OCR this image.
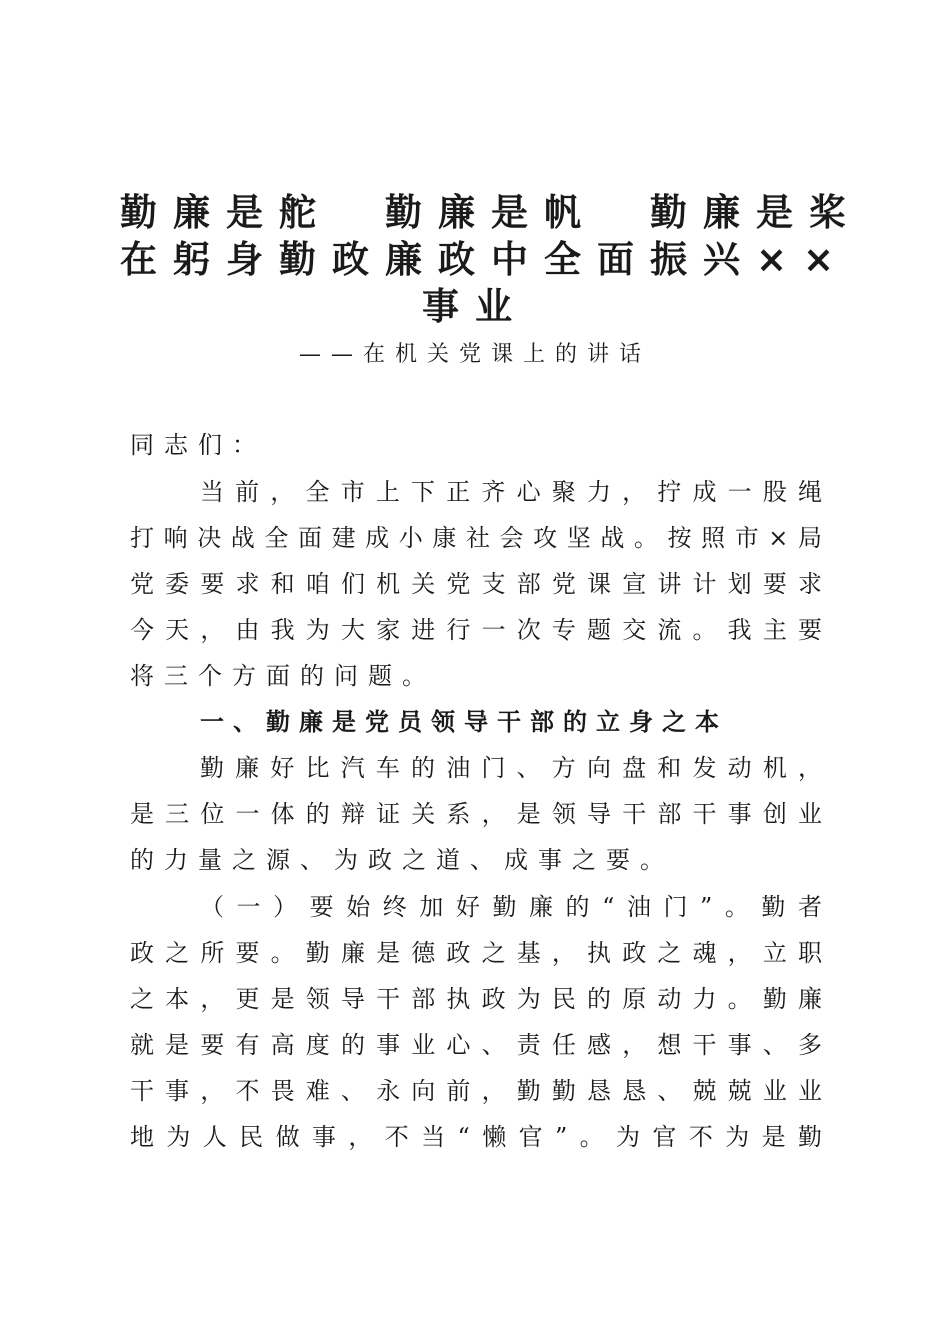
勤廉是舵　勤廉是帆　勤廉是桨
在躬身勤政廉政中全面振兴××
事业
——在机关党课上的讲话
同志们：
当前，全市上下正齐心聚力，拧成一股绳
打响决战全面建成小康社会攻坚战。按照市×局
党委要求和咱们机关党支部党课宣讲计划要求
今天，由我为大家进行一次专题交流。我主要
将三个方面的问题。
一、勤廉是党员领导干部的立身之本
勤廉好比汽车的油门、方向盘和发动机，
是三位一体的辩证关系，是领导干部干事创业
的力量之源、为政之道、成事之要。
（一）要始终加好勤廉的“油门”。勤者
政之所要。勤廉是德政之基，执政之魂，立职
之本，更是领导干部执政为民的原动力。勤廉
就是要有高度的事业心、责任感，想干事、多
干事，不畏难、永向前，勤勤恳恳、兢兢业业
地为人民做事，不当“懒官”。为官不为是勤
